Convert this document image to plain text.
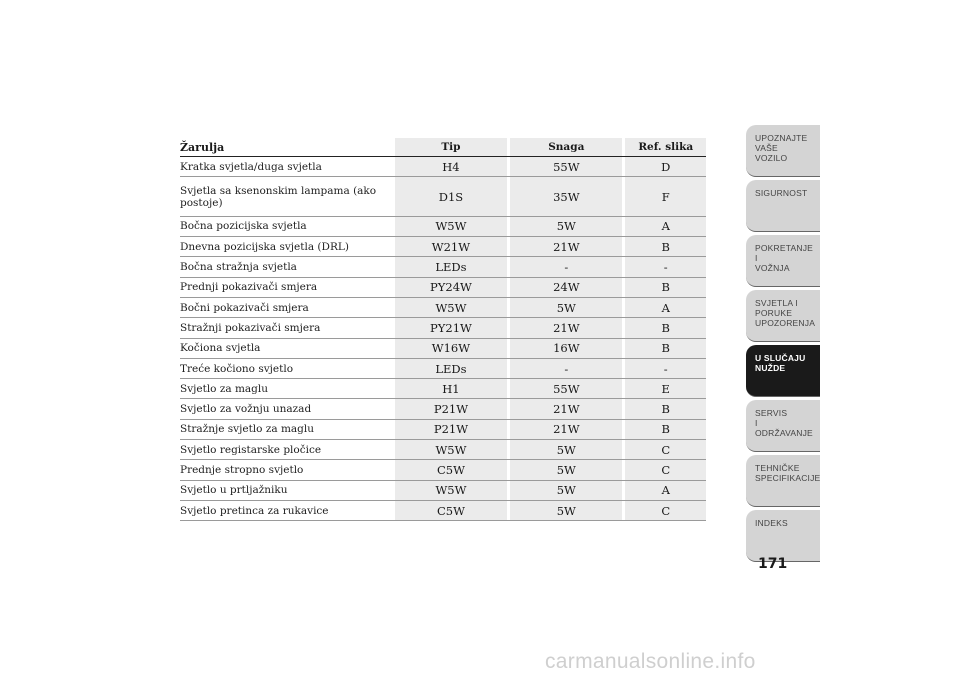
Žarulja	Tip	Snaga	Ref. slika
Kratka svjetla/duga svjetla	H4	55W	D
Svjetla sa ksenonskim lampama (ako postoje)	D1S	35W	F
Bočna pozicijska svjetla	W5W	5W	A
Dnevna pozicijska svjetla (DRL)	W21W	21W	B
Bočna stražnja svjetla	LEDs	-	-
Prednji pokazivači smjera	PY24W	24W	B
Bočni pokazivači smjera	W5W	5W	A
Stražnji pokazivači smjera	PY21W	21W	B
Kočiona svjetla	W16W	16W	B
Treće kočiono svjetlo	LEDs	-	-
Svjetlo za maglu	H1	55W	E
Svjetlo za vožnju unazad	P21W	21W	B
Stražnje svjetlo za maglu	P21W	21W	B
Svjetlo registarske pločice	W5W	5W	C
Prednje stropno svjetlo	C5W	5W	C
Svjetlo u prtljažniku	W5W	5W	A
Svjetlo pretinca za rukavice	C5W	5W	C
UPOZNAJTE
VAŠE
VOZILO
SIGURNOST
POKRETANJE
I
VOŽNJA
SVJETLA I
PORUKE
UPOZORENJA
U SLUČAJU
NUŽDE
SERVIS
I
ODRŽAVANJE
TEHNIČKE
SPECIFIKACIJE
INDEKS
171
carmanualsonline.info
